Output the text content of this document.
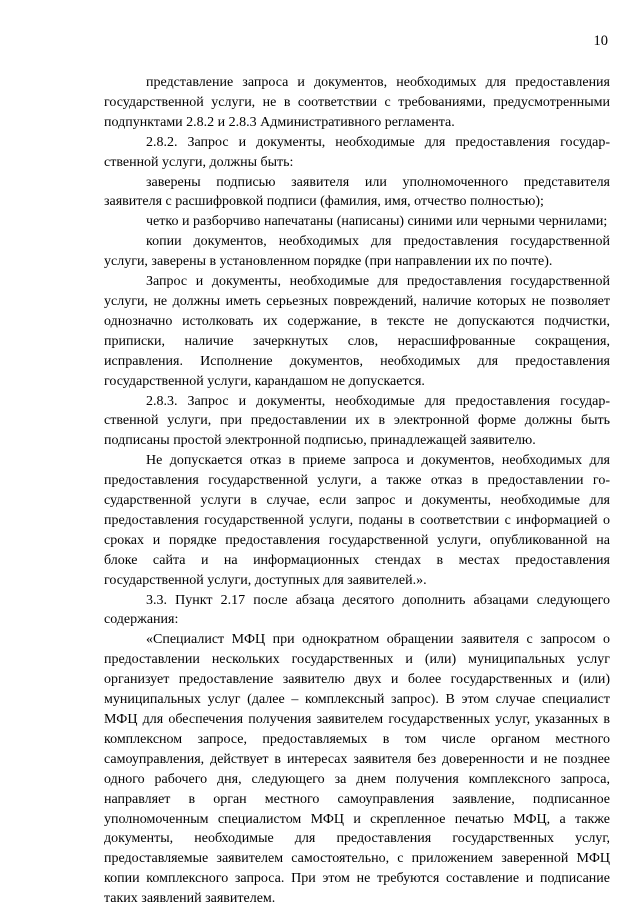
10

представление запроса и документов, необходимых для предоставления государственной услуги, не в соответствии с требованиями, предусмотренными подпунктами 2.8.2 и 2.8.3 Административного регламента.

2.8.2. Запрос и документы, необходимые для предоставления государственной услуги, должны быть:

заверены подписью заявителя или уполномоченного представителя заявителя с расшифровкой подписи (фамилия, имя, отчество полностью);

четко и разборчиво напечатаны (написаны) синими или черными чернилами;

копии документов, необходимых для предоставления государственной услуги, заверены в установленном порядке (при направлении их по почте).

Запрос и документы, необходимые для предоставления государственной услуги, не должны иметь серьезных повреждений, наличие которых не позволяет однозначно истолковать их содержание, в тексте не допускаются подчистки, приписки, наличие зачеркнутых слов, нерасшифрованные сокращения, исправления. Исполнение документов, необходимых для предоставления государственной услуги, карандашом не допускается.

2.8.3. Запрос и документы, необходимые для предоставления государственной услуги, при предоставлении их в электронной форме должны быть подписаны простой электронной подписью, принадлежащей заявителю.

Не допускается отказ в приеме запроса и документов, необходимых для предоставления государственной услуги, а также отказ в предоставлении государственной услуги в случае, если запрос и документы, необходимые для предоставления государственной услуги, поданы в соответствии с информацией о сроках и порядке предоставления государственной услуги, опубликованной на блоке сайта и на информационных стендах в местах предоставления государственной услуги, доступных для заявителей.».

3.3. Пункт 2.17 после абзаца десятого дополнить абзацами следующего содержания:

«Специалист МФЦ при однократном обращении заявителя с запросом о предоставлении нескольких государственных и (или) муниципальных услуг организует предоставление заявителю двух и более государственных и (или) муниципальных услуг (далее – комплексный запрос). В этом случае специалист МФЦ для обеспечения получения заявителем государственных услуг, указанных в комплексном запросе, предоставляемых в том числе органом местного самоуправления, действует в интересах заявителя без доверенности и не позднее одного рабочего дня, следующего за днем получения комплексного запроса, направляет в орган местного самоуправления заявление, подписанное уполномоченным специалистом МФЦ и скрепленное печатью МФЦ, а также документы, необходимые для предоставления государственных услуг, предоставляемые заявителем самостоятельно, с приложением заверенной МФЦ копии комплексного запроса. При этом не требуются составление и подписание таких заявлений заявителем.
